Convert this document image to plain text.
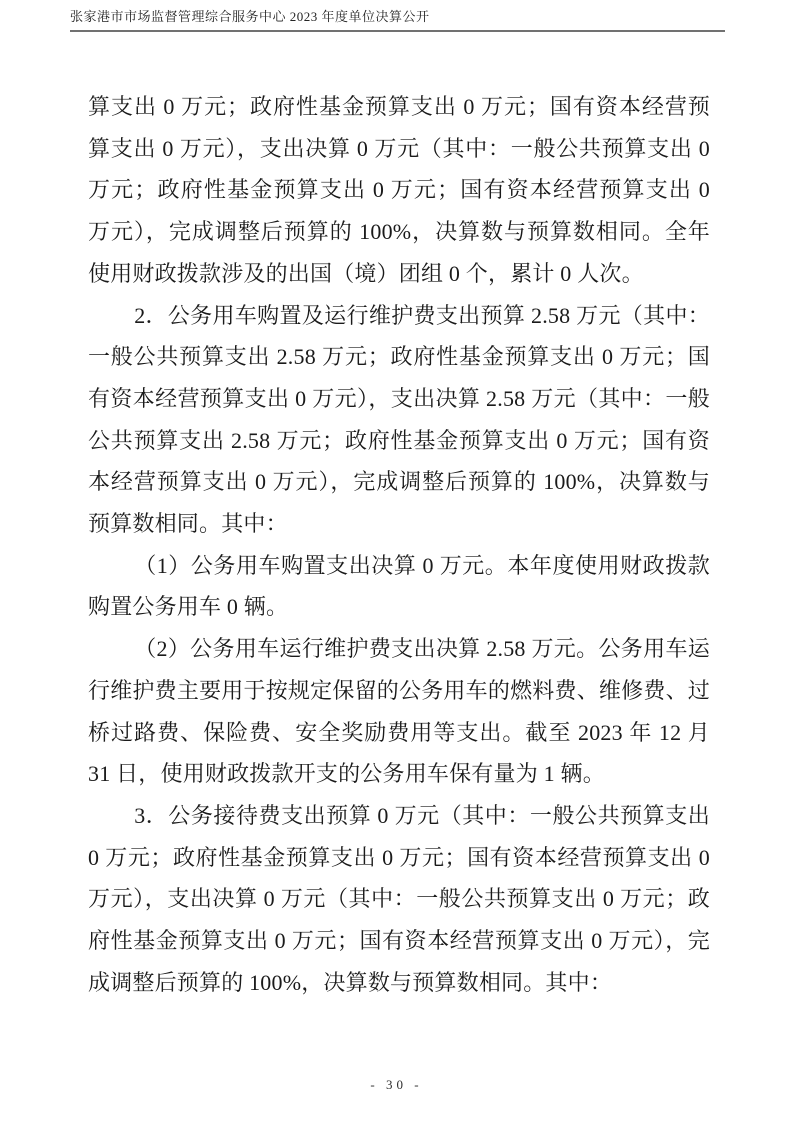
张家港市市场监督管理综合服务中心 2023 年度单位决算公开

算支出 0 万元；政府性基金预算支出 0 万元；国有资本经营预算支出 0 万元），支出决算 0 万元（其中：一般公共预算支出 0 万元；政府性基金预算支出 0 万元；国有资本经营预算支出 0 万元），完成调整后预算的 100%，决算数与预算数相同。全年使用财政拨款涉及的出国（境）团组 0 个，累计 0 人次。

2．公务用车购置及运行维护费支出预算 2.58 万元（其中：一般公共预算支出 2.58 万元；政府性基金预算支出 0 万元；国有资本经营预算支出 0 万元），支出决算 2.58 万元（其中：一般公共预算支出 2.58 万元；政府性基金预算支出 0 万元；国有资本经营预算支出 0 万元），完成调整后预算的 100%，决算数与预算数相同。其中：

（1）公务用车购置支出决算 0 万元。本年度使用财政拨款购置公务用车 0 辆。

（2）公务用车运行维护费支出决算 2.58 万元。公务用车运行维护费主要用于按规定保留的公务用车的燃料费、维修费、过桥过路费、保险费、安全奖励费用等支出。截至 2023 年 12 月 31 日，使用财政拨款开支的公务用车保有量为 1 辆。

3．公务接待费支出预算 0 万元（其中：一般公共预算支出 0 万元；政府性基金预算支出 0 万元；国有资本经营预算支出 0 万元），支出决算 0 万元（其中：一般公共预算支出 0 万元；政府性基金预算支出 0 万元；国有资本经营预算支出 0 万元），完成调整后预算的 100%，决算数与预算数相同。其中：

- 30 -
